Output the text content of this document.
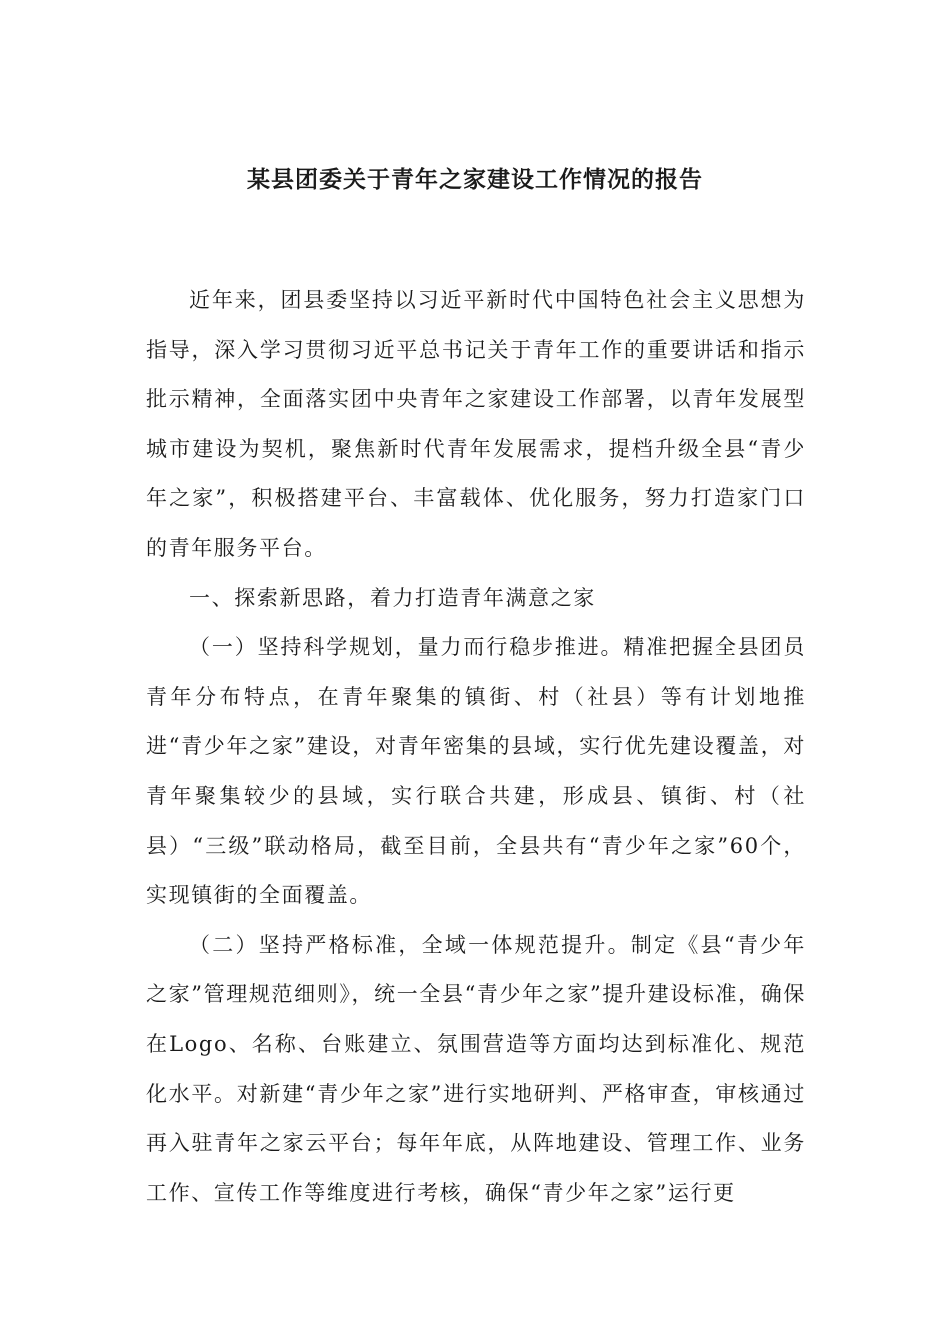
某县团委关于青年之家建设工作情况的报告

近年来，团县委坚持以习近平新时代中国特色社会主义思想为指导，深入学习贯彻习近平总书记关于青年工作的重要讲话和指示批示精神，全面落实团中央青年之家建设工作部署，以青年发展型城市建设为契机，聚焦新时代青年发展需求，提档升级全县“青少年之家”，积极搭建平台、丰富载体、优化服务，努力打造家门口的青年服务平台。

一、探索新思路，着力打造青年满意之家

（一）坚持科学规划，量力而行稳步推进。精准把握全县团员青年分布特点，在青年聚集的镇街、村（社县）等有计划地推进“青少年之家”建设，对青年密集的县域，实行优先建设覆盖，对青年聚集较少的县域，实行联合共建，形成县、镇街、村（社县）“三级”联动格局，截至目前，全县共有“青少年之家”60个，实现镇街的全面覆盖。

（二）坚持严格标准，全域一体规范提升。制定《县“青少年之家”管理规范细则》，统一全县“青少年之家”提升建设标准，确保在Logo、名称、台账建立、氛围营造等方面均达到标准化、规范化水平。对新建“青少年之家”进行实地研判、严格审查，审核通过再入驻青年之家云平台；每年年底，从阵地建设、管理工作、业务工作、宣传工作等维度进行考核，确保“青少年之家”运行更
